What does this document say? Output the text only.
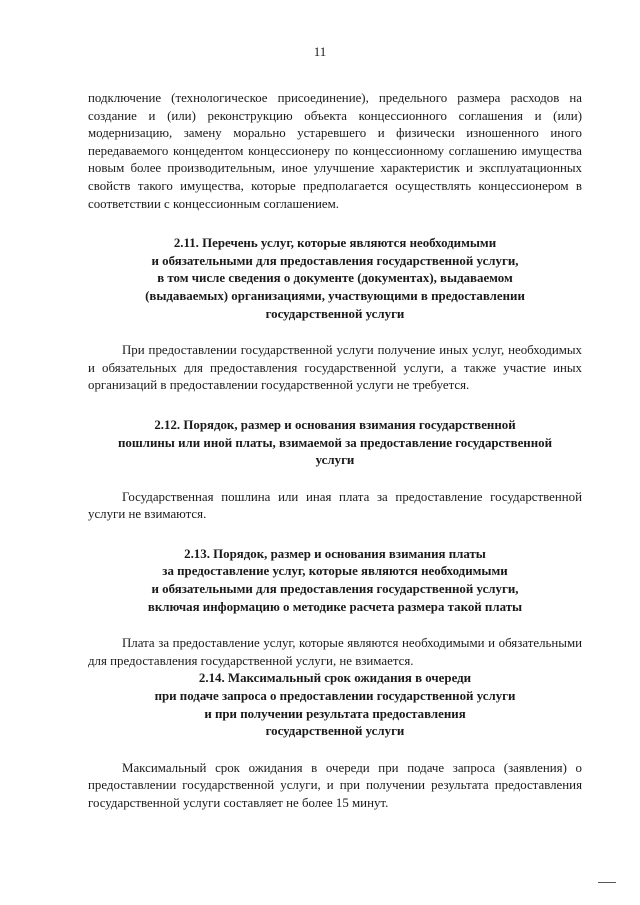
11

подключение (технологическое присоединение), предельного размера расходов на создание и (или) реконструкцию объекта концессионного соглашения и (или) модернизацию, замену морально устаревшего и физически изношенного иного передаваемого концедентом концессионеру по концессионному соглашению имущества новым более производительным, иное улучшение характеристик и эксплуатационных свойств такого имущества, которые предполагается осуществлять концессионером в соответствии с концессионным соглашением.

2.11. Перечень услуг, которые являются необходимыми
и обязательными для предоставления государственной услуги,
в том числе сведения о документе (документах), выдаваемом
(выдаваемых) организациями, участвующими в предоставлении
государственной услуги

При предоставлении государственной услуги получение иных услуг, необходимых и обязательных для предоставления государственной услуги, а также участие иных организаций в предоставлении государственной услуги не требуется.

2.12. Порядок, размер и основания взимания государственной
пошлины или иной платы, взимаемой за предоставление государственной
услуги

Государственная пошлина или иная плата за предоставление государственной услуги не взимаются.

2.13. Порядок, размер и основания взимания платы
за предоставление услуг, которые являются необходимыми
и обязательными для предоставления государственной услуги,
включая информацию о методике расчета размера такой платы

Плата за предоставление услуг, которые являются необходимыми и обязательными для предоставления государственной услуги, не взимается.

2.14. Максимальный срок ожидания в очереди
при подаче запроса о предоставлении государственной услуги
и при получении результата предоставления
государственной услуги

Максимальный срок ожидания в очереди при подаче запроса (заявления) о предоставлении государственной услуги, и при получении результата предоставления государственной услуги составляет не более 15 минут.
